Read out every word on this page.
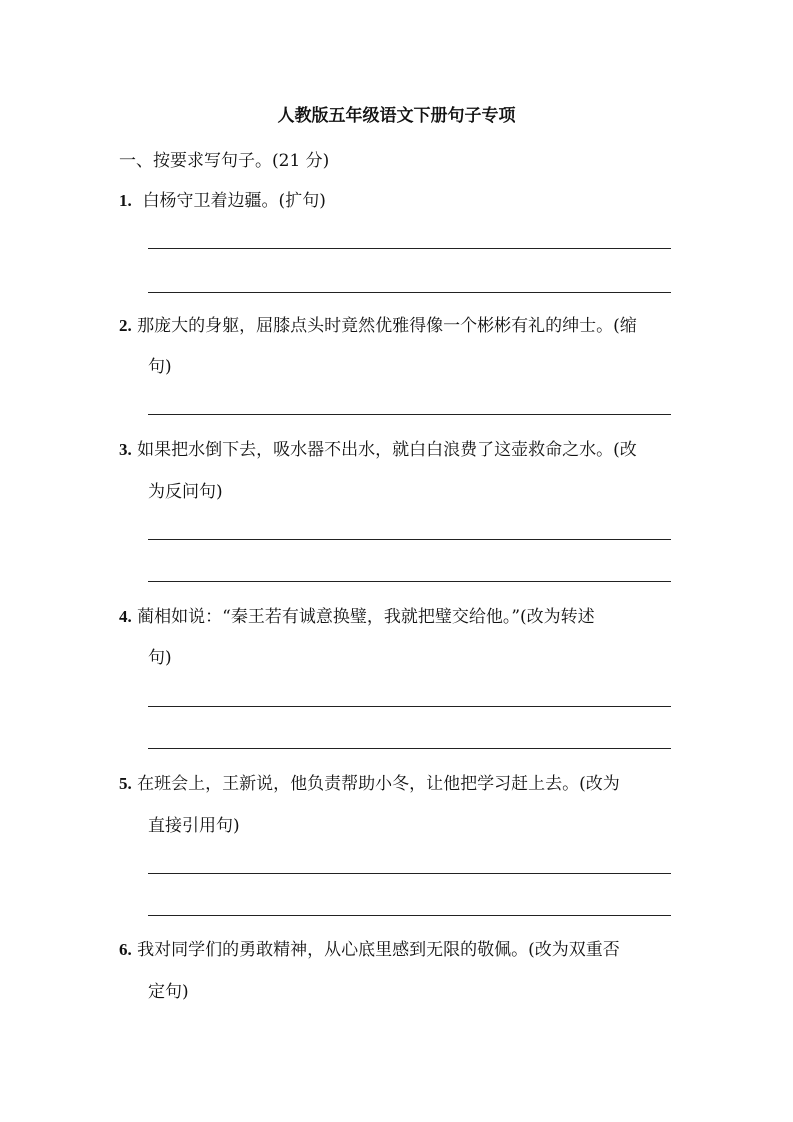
人教版五年级语文下册句子专项
一、按要求写句子。(21 分)
1. 白杨守卫着边疆。(扩句)
2. 那庞大的身躯，屈膝点头时竟然优雅得像一个彬彬有礼的绅士。(缩
句)
3. 如果把水倒下去，吸水器不出水，就白白浪费了这壶救命之水。(改
为反问句)
4. 蔺相如说：“秦王若有诚意换璧，我就把璧交给他。”(改为转述
句)
5. 在班会上，王新说，他负责帮助小冬，让他把学习赶上去。(改为
直接引用句)
6. 我对同学们的勇敢精神，从心底里感到无限的敬佩。(改为双重否
定句)
